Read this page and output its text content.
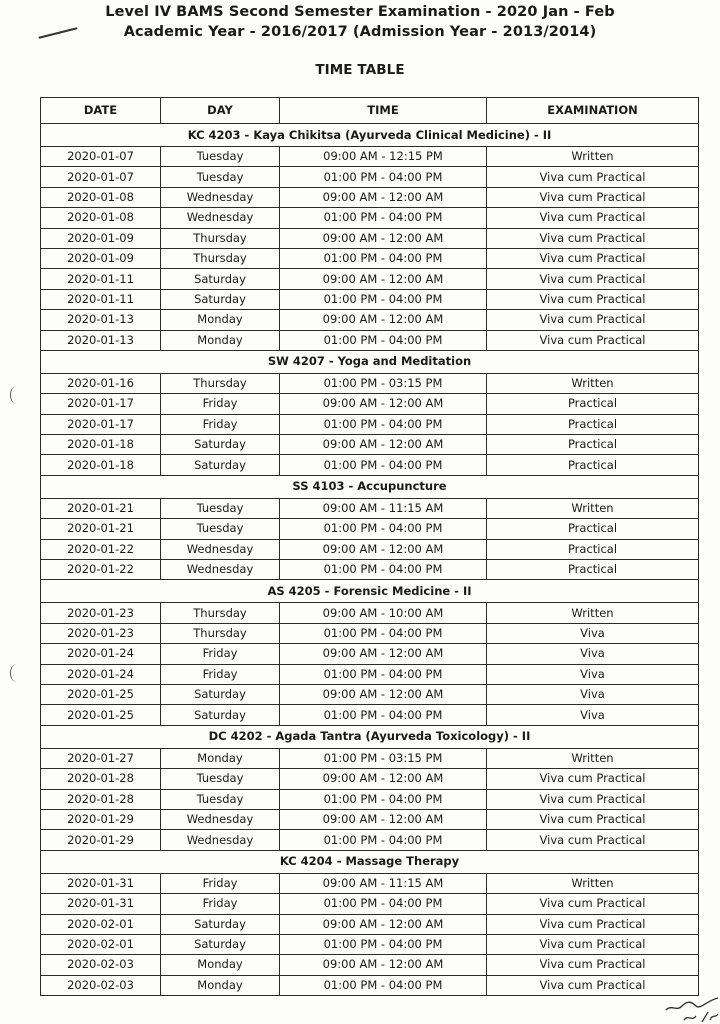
Level IV BAMS Second Semester Examination - 2020 Jan - Feb
Academic Year - 2016/2017 (Admission Year - 2013/2014)
TIME TABLE
DATE	DAY	TIME	EXAMINATION
KC 4203 - Kaya Chikitsa (Ayurveda Clinical Medicine) - II			
2020-01-07	Tuesday	09:00 AM - 12:15 PM	Written
2020-01-07	Tuesday	01:00 PM - 04:00 PM	Viva cum Practical
2020-01-08	Wednesday	09:00 AM - 12:00 AM	Viva cum Practical
2020-01-08	Wednesday	01:00 PM - 04:00 PM	Viva cum Practical
2020-01-09	Thursday	09:00 AM - 12:00 AM	Viva cum Practical
2020-01-09	Thursday	01:00 PM - 04:00 PM	Viva cum Practical
2020-01-11	Saturday	09:00 AM - 12:00 AM	Viva cum Practical
2020-01-11	Saturday	01:00 PM - 04:00 PM	Viva cum Practical
2020-01-13	Monday	09:00 AM - 12:00 AM	Viva cum Practical
2020-01-13	Monday	01:00 PM - 04:00 PM	Viva cum Practical
SW 4207 - Yoga and Meditation			
2020-01-16	Thursday	01:00 PM - 03:15 PM	Written
2020-01-17	Friday	09:00 AM - 12:00 AM	Practical
2020-01-17	Friday	01:00 PM - 04:00 PM	Practical
2020-01-18	Saturday	09:00 AM - 12:00 AM	Practical
2020-01-18	Saturday	01:00 PM - 04:00 PM	Practical
SS 4103 - Accupuncture			
2020-01-21	Tuesday	09:00 AM - 11:15 AM	Written
2020-01-21	Tuesday	01:00 PM - 04:00 PM	Practical
2020-01-22	Wednesday	09:00 AM - 12:00 AM	Practical
2020-01-22	Wednesday	01:00 PM - 04:00 PM	Practical
AS 4205 - Forensic Medicine - II			
2020-01-23	Thursday	09:00 AM - 10:00 AM	Written
2020-01-23	Thursday	01:00 PM - 04:00 PM	Viva
2020-01-24	Friday	09:00 AM - 12:00 AM	Viva
2020-01-24	Friday	01:00 PM - 04:00 PM	Viva
2020-01-25	Saturday	09:00 AM - 12:00 AM	Viva
2020-01-25	Saturday	01:00 PM - 04:00 PM	Viva
DC 4202 - Agada Tantra (Ayurveda Toxicology) - II			
2020-01-27	Monday	01:00 PM - 03:15 PM	Written
2020-01-28	Tuesday	09:00 AM - 12:00 AM	Viva cum Practical
2020-01-28	Tuesday	01:00 PM - 04:00 PM	Viva cum Practical
2020-01-29	Wednesday	09:00 AM - 12:00 AM	Viva cum Practical
2020-01-29	Wednesday	01:00 PM - 04:00 PM	Viva cum Practical
KC 4204 - Massage Therapy			
2020-01-31	Friday	09:00 AM - 11:15 AM	Written
2020-01-31	Friday	01:00 PM - 04:00 PM	Viva cum Practical
2020-02-01	Saturday	09:00 AM - 12:00 AM	Viva cum Practical
2020-02-01	Saturday	01:00 PM - 04:00 PM	Viva cum Practical
2020-02-03	Monday	09:00 AM - 12:00 AM	Viva cum Practical
2020-02-03	Monday	01:00 PM - 04:00 PM	Viva cum Practical
